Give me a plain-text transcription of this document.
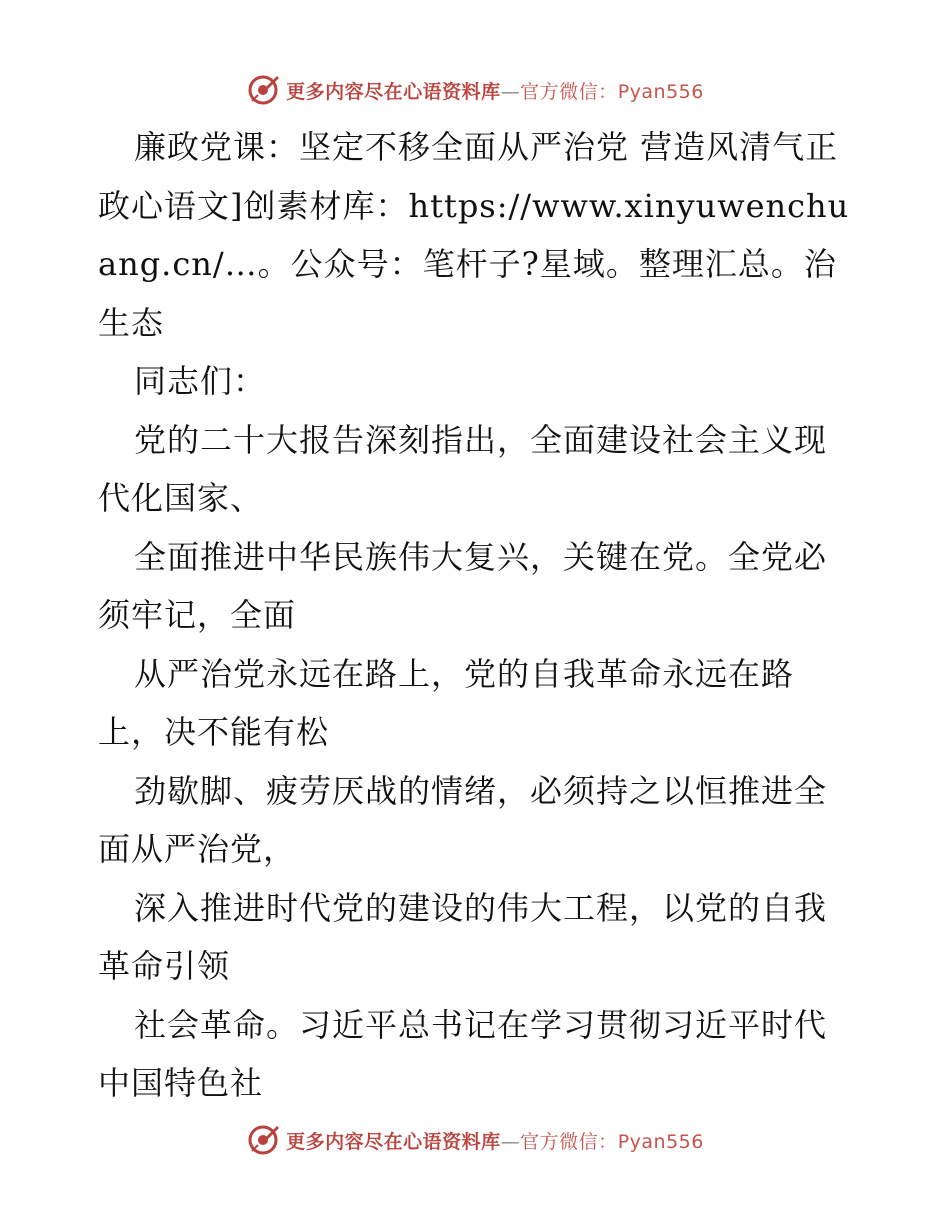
更多内容尽在心语资料库—官方微信：Pyan556

廉政党课：坚定不移全面从严治党 营造风清气正政心语文]创素材库：https://www.xinyuwenchuang.cn/…。公众号：笔杆子?星域。整理汇总。治生态

同志们：

党的二十大报告深刻指出，全面建设社会主义现代化国家、

全面推进中华民族伟大复兴，关键在党。全党必须牢记，全面

从严治党永远在路上，党的自我革命永远在路上，决不能有松

劲歇脚、疲劳厌战的情绪，必须持之以恒推进全面从严治党，

深入推进时代党的建设的伟大工程，以党的自我革命引领

社会革命。习近平总书记在学习贯彻习近平时代中国特色社

更多内容尽在心语资料库—官方微信：Pyan556
